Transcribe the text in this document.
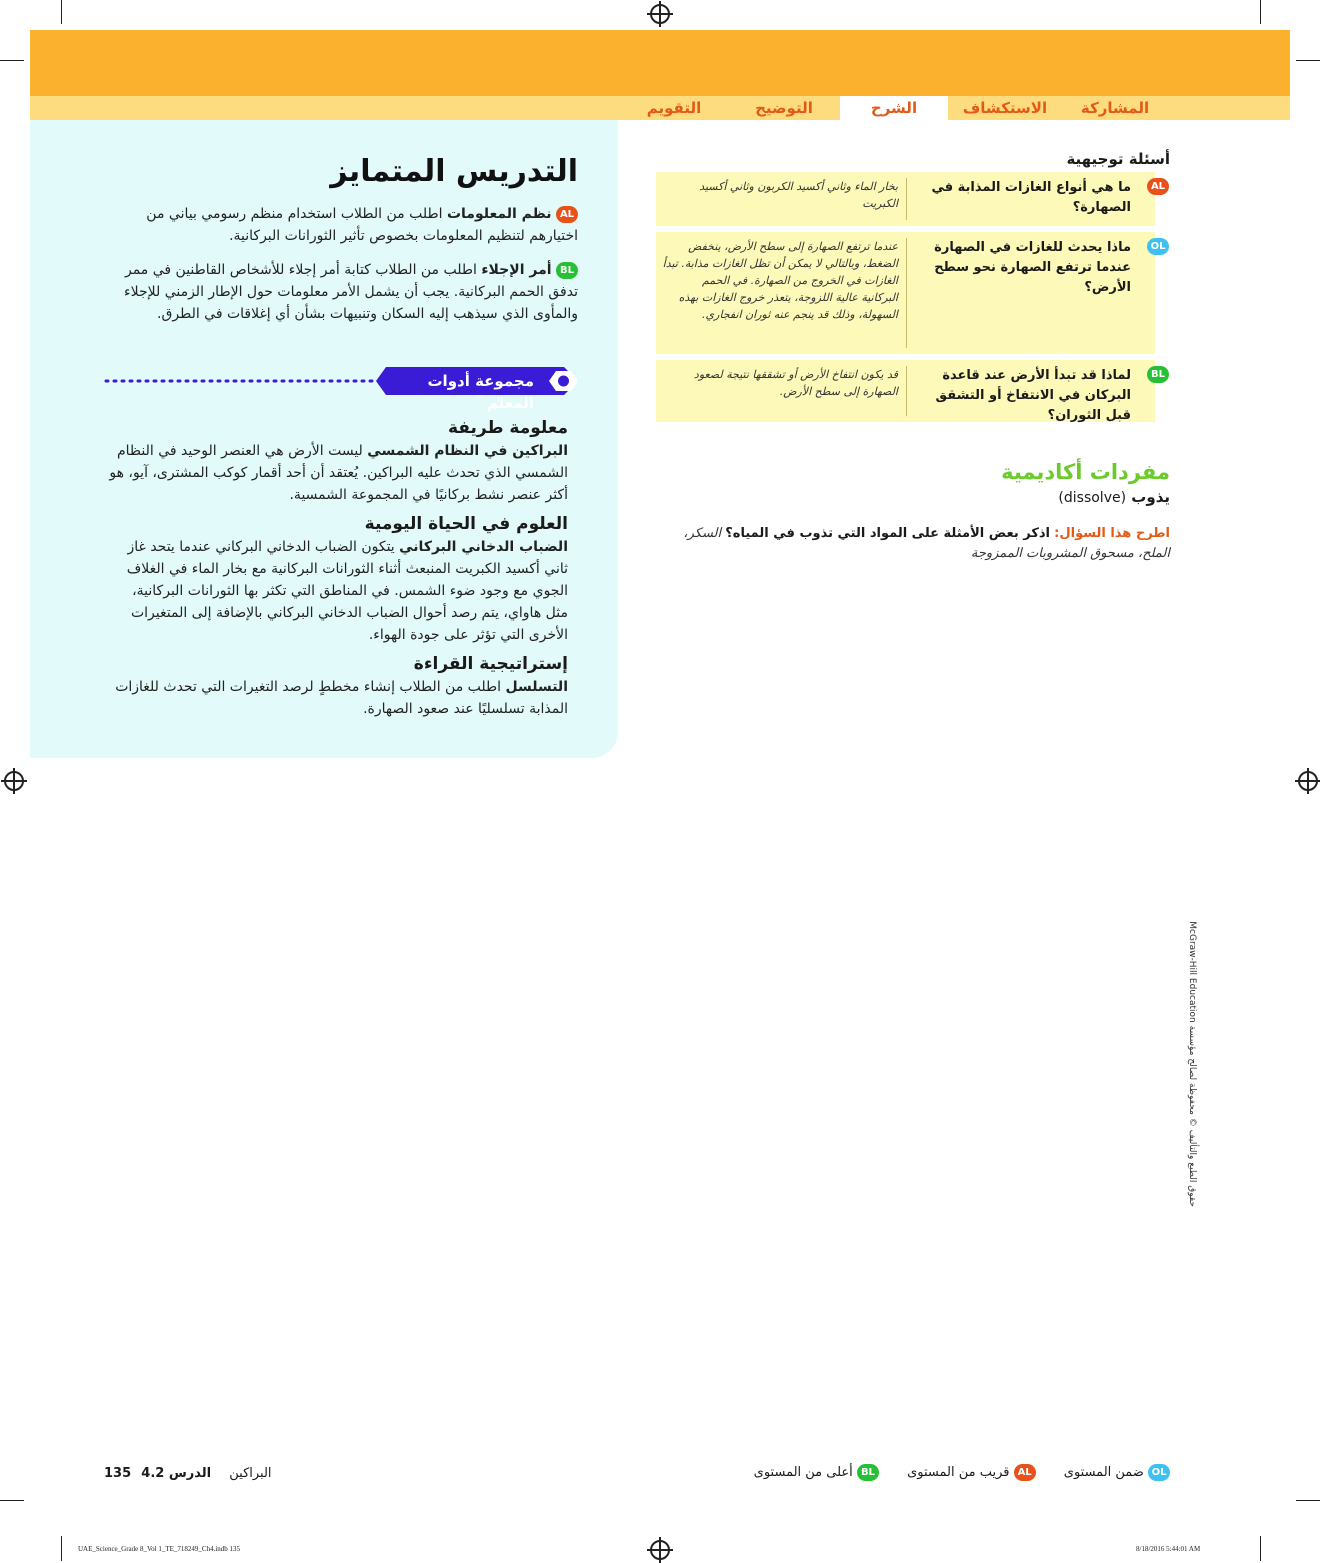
المشاركة
الاستكشاف
الشرح
التوضيح
التقويم
التدريس المتمايز
AL نظم المعلومات اطلب من الطلاب استخدام منظم رسومي بياني من اختيارهم لتنظيم المعلومات بخصوص تأثير الثورانات البركانية.
BL أمر الإجلاء اطلب من الطلاب كتابة أمر إجلاء للأشخاص القاطنين في ممر تدفق الحمم البركانية. يجب أن يشمل الأمر معلومات حول الإطار الزمني للإجلاء والمأوى الذي سيذهب إليه السكان وتنبيهات بشأن أي إغلاقات في الطرق.
مجموعة أدوات المعلم
معلومة طريفة
البراكين في النظام الشمسي ليست الأرض هي العنصر الوحيد في النظام الشمسي الذي تحدث عليه البراكين. يُعتقد أن أحد أقمار كوكب المشترى، آيو، هو أكثر عنصر نشط بركانيًا في المجموعة الشمسية.
العلوم في الحياة اليومية
الضباب الدخاني البركاني يتكون الضباب الدخاني البركاني عندما يتحد غاز ثاني أكسيد الكبريت المنبعث أثناء الثورانات البركانية مع بخار الماء في الغلاف الجوي مع وجود ضوء الشمس. في المناطق التي تكثر بها الثورانات البركانية، مثل هاواي، يتم رصد أحوال الضباب الدخاني البركاني بالإضافة إلى المتغيرات الأخرى التي تؤثر على جودة الهواء.
إستراتيجية القراءة
التسلسل اطلب من الطلاب إنشاء مخططٍ لرصد التغيرات التي تحدث للغازات المذابة تسلسليًا عند صعود الصهارة.
أسئلة توجيهية
AL
ما هي أنواع الغازات المذابة في الصهارة؟
بخار الماء وثاني أكسيد الكربون وثاني أكسيد الكبريت
OL
ماذا يحدث للغازات في الصهارة عندما ترتفع الصهارة نحو سطح الأرض؟
عندما ترتفع الصهارة إلى سطح الأرض، ينخفض الضغط، وبالتالي لا يمكن أن تظل الغازات مذابة. تبدأ الغازات في الخروج من الصهارة. في الحمم البركانية عالية اللزوجة، يتعذر خروج الغازات بهذه السهولة، وذلك قد ينجم عنه ثوران انفجاري.
BL
لماذا قد تبدأ الأرض عند قاعدة البركان في الانتفاخ أو التشقق قبل الثوران؟
قد يكون انتفاخ الأرض أو تشققها نتيجة لصعود الصهارة إلى سطح الأرض.
مفردات أكاديمية
يذوب (dissolve)
اطرح هذا السؤال: اذكر بعض الأمثلة على المواد التي تذوب في المياه؟ السكر، الملح، مسحوق المشروبات الممزوجة
حقوق الطبع والتأليف © محفوظة لصالح مؤسسة McGraw-Hill Education
OL ضمن المستوى AL قريب من المستوى BL أعلى من المستوى
135	البراكين الدرس 4.2
UAE_Science_Grade 8_Vol 1_TE_718249_Ch4.indb 135	8/18/2016 5:44:01 AM
